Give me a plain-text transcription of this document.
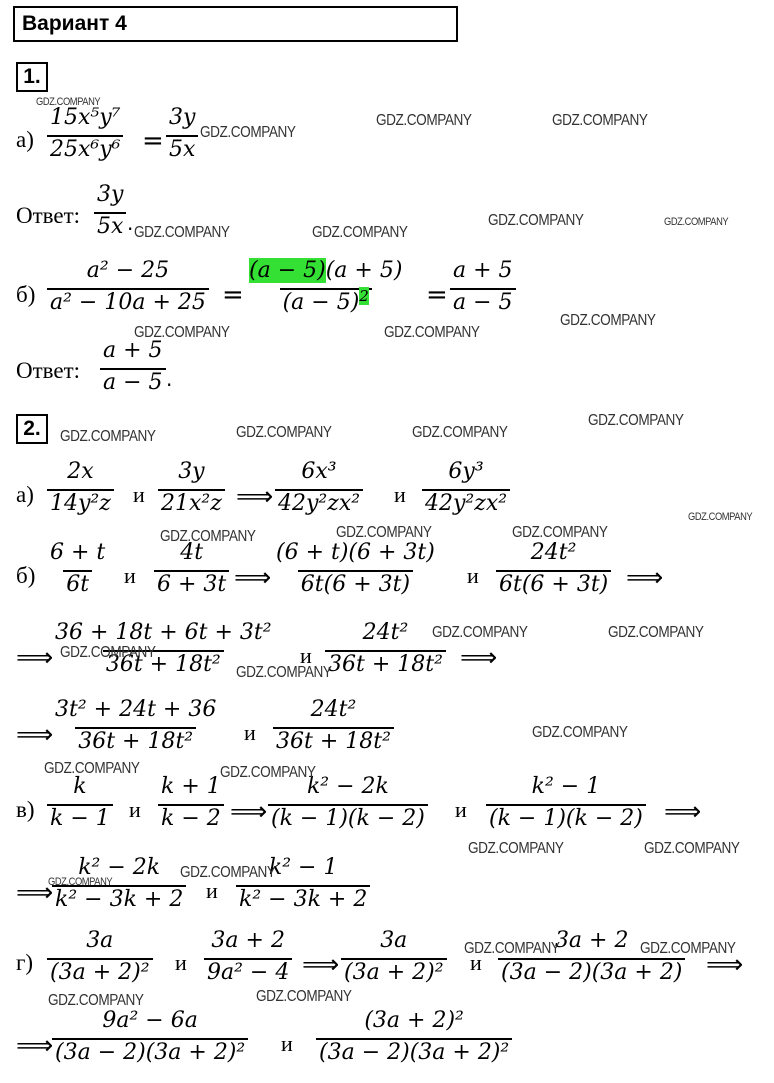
Вариант 4
1.
$а) \frac{\text{15x⁵y⁷}}{\text{25x⁶y⁶}} = \frac{3y}{5x}$
Ответ: $\frac{3y}{5x}$ .
$б) \frac{\text{a² − 25}}{\text{a² − 10a + 25}} = \frac{(a - 5)(a + 5)}{(a - 5)^2} = \frac{a + 5}{a - 5}$
Ответ: $\frac{a + 5}{a - 5}$ .
2.
$а) \frac{2x}{\text{14y²z}}$ и $\frac{3y}{\text{21x²z}}$ ⟹ $\frac{\text{6x³}}{\text{42y²zx²}}$ и $\frac{\text{6y³}}{\text{42y²zx²}}$
$б) \frac{6 + t}{6t}$ и $\frac{4t}{6 + 3t}$ ⟹ $\frac{(6 + t)(6 + 3t)}{6t(6 + 3t)}$ и $\frac{\text{24t²}}{6t(6 + 3t)}$ ⟹
⟹
$\frac{\text{36 + 18t + 6t + 3t²}}{\text{36t + 18t²}}$ и $\frac{\text{24t²}}{\text{36t + 18t²}}$ ⟹
⟹
$\frac{\text{3t² + 24t + 36}}{\text{36t + 18t²}}$ и $\frac{\text{24t²}}{\text{36t + 18t²}}$
$в) \frac{k}{k - 1}$ и $\frac{k + 1}{k - 2}$ ⟹ $\frac{\text{k² − 2k}}{(k - 1)(k - 2)}$ и $\frac{\text{k² − 1}}{(k - 1)(k - 2)}$ ⟹
⟹
$\frac{\text{k² − 2k}}{\text{k² − 3k + 2}}$ и $\frac{\text{k² − 1}}{\text{k² − 3k + 2}}$
$г) \frac{3a}{\text{(3a + 2)²}}$ и $\frac{3a + 2}{\text{9a² − 4}}$ ⟹ $\frac{3a}{\text{(3a + 2)²}}$ и $\frac{3a + 2}{(3a - 2)(3a + 2)}$ ⟹
⟹
$\frac{\text{9a² − 6a}}{\text{(3a − 2)(3a + 2)²}}$ и $\frac{\text{(3a + 2)²}}{\text{(3a − 2)(3a + 2)²}}$
GDZ.COMPANY
GDZ.COMPANY
GDZ.COMPANY	GDZ.COMPANY
GDZ.COMPANY	GDZ.COMPANY
GDZ.COMPANY	GDZ.COMPANY
GDZ.COMPANY	GDZ.COMPANY
GDZ.COMPANY
GDZ.COMPANY	GDZ.COMPANY	GDZ.COMPANY
GDZ.COMPANY
GDZ.COMPANY
GDZ.COMPANY	GDZ.COMPANY	GDZ.COMPANY
GDZ.COMPANY
GDZ.COMPANY
GDZ.COMPANY	GDZ.COMPANY
GDZ.COMPANY
GDZ.COMPANY	GDZ.COMPANY
GDZ.COMPANY	GDZ.COMPANY
GDZ.COMPANY
GDZ.COMPANY
GDZ.COMPANY	GDZ.COMPANY
GDZ.COMPANY	GDZ.COMPANY
